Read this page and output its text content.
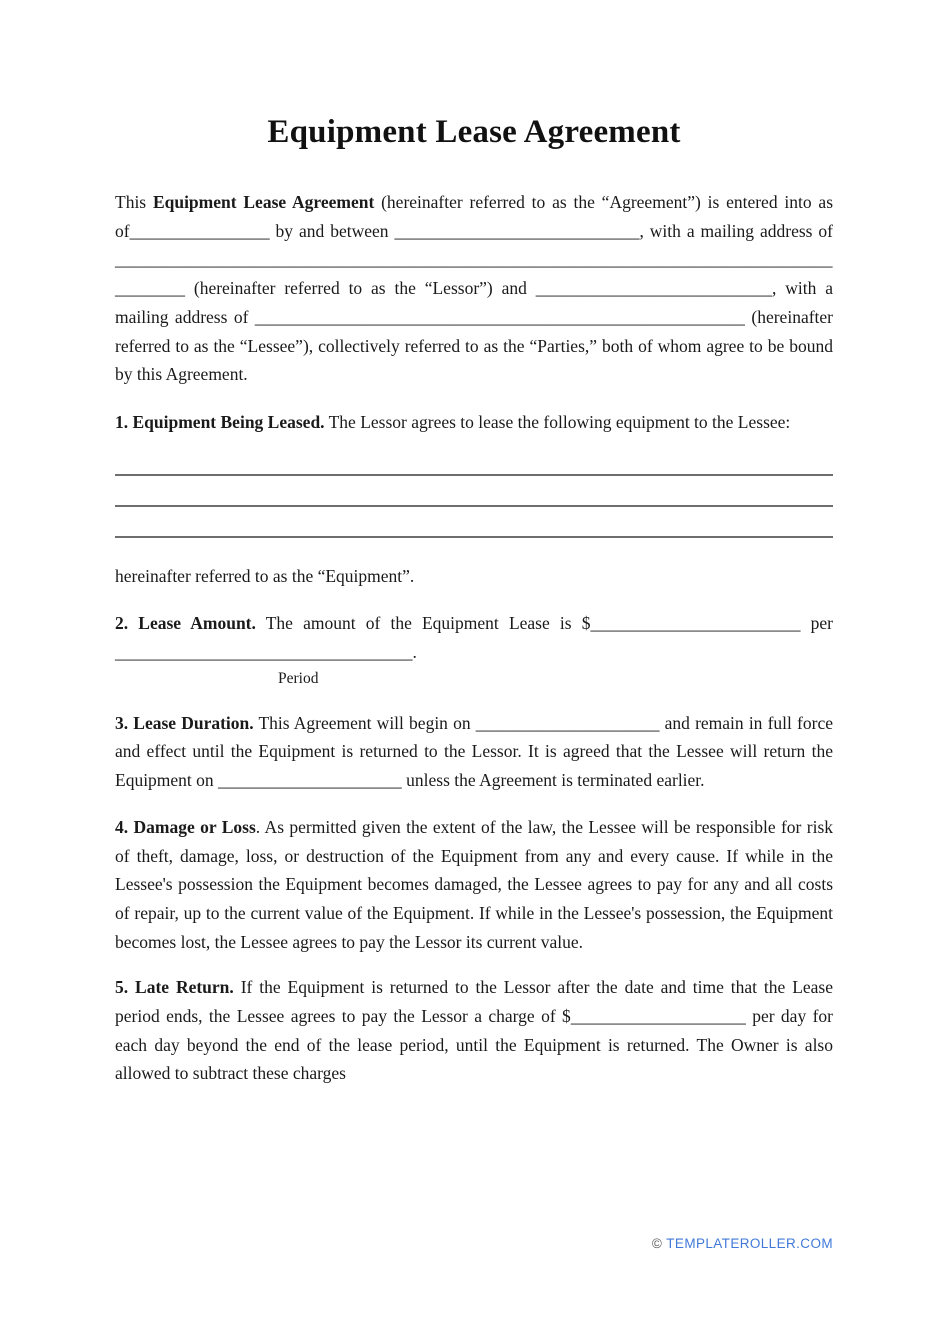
Equipment Lease Agreement

This Equipment Lease Agreement (hereinafter referred to as the “Agreement”) is entered into as of________________ by and between ____________________________, with a mailing address of __________________________________________________________________________________________ (hereinafter referred to as the “Lessor”) and ___________________________, with a mailing address of ________________________________________________________ (hereinafter referred to as the “Lessee”), collectively referred to as the “Parties,” both of whom agree to be bound by this Agreement.

1. Equipment Being Leased. The Lessor agrees to lease the following equipment to the Lessee:

hereinafter referred to as the “Equipment”.

2. Lease Amount. The amount of the Equipment Lease is $________________________ per __________________________________.

Period

3. Lease Duration. This Agreement will begin on _____________________ and remain in full force and effect until the Equipment is returned to the Lessor. It is agreed that the Lessee will return the Equipment on _____________________ unless the Agreement is terminated earlier.

4. Damage or Loss. As permitted given the extent of the law, the Lessee will be responsible for risk of theft, damage, loss, or destruction of the Equipment from any and every cause. If while in the Lessee's possession the Equipment becomes damaged, the Lessee agrees to pay for any and all costs of repair, up to the current value of the Equipment. If while in the Lessee's possession, the Equipment becomes lost, the Lessee agrees to pay the Lessor its current value.

5. Late Return. If the Equipment is returned to the Lessor after the date and time that the Lease period ends, the Lessee agrees to pay the Lessor a charge of $____________________ per day for each day beyond the end of the lease period, until the Equipment is returned. The Owner is also allowed to subtract these charges

© TEMPLATEROLLER.COM
